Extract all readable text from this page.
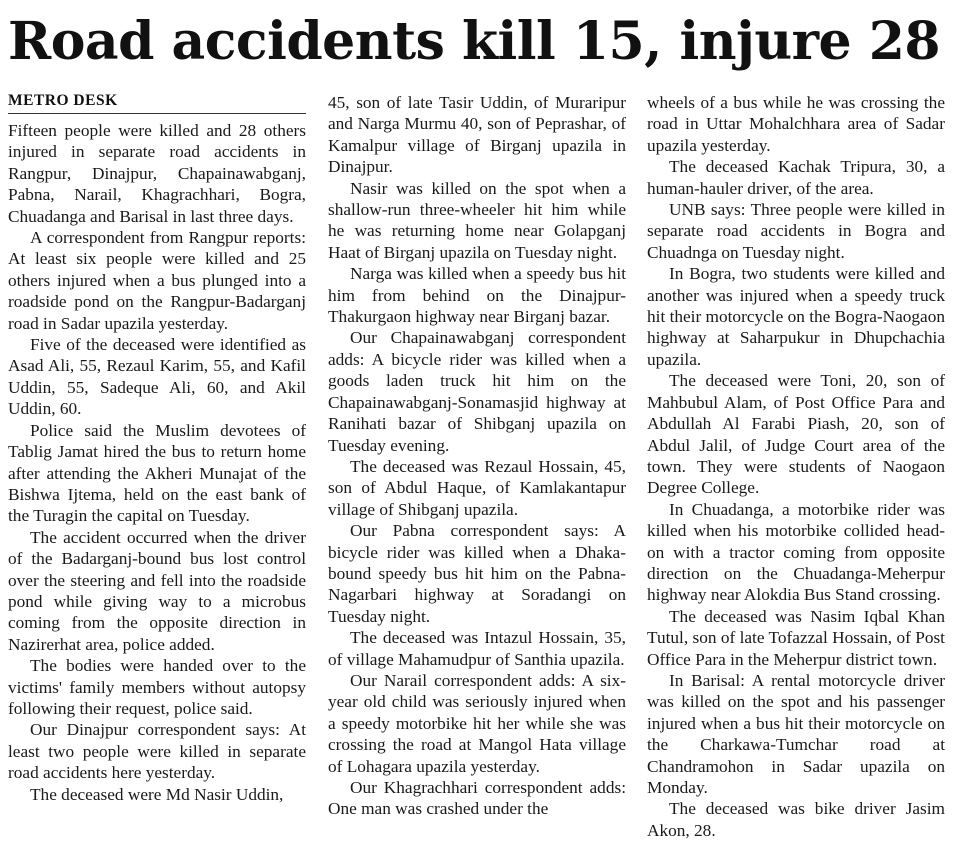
Road accidents kill 15, injure 28
METRO DESK

Fifteen people were killed and 28 others injured in separate road accidents in Rangpur, Dinajpur, Chapainawabganj, Pabna, Narail, Khagrachhari, Bogra, Chuadanga and Barisal in last three days.

A correspondent from Rangpur reports: At least six people were killed and 25 others injured when a bus plunged into a roadside pond on the Rangpur-Badarganj road in Sadar upazila yesterday.

Five of the deceased were identified as Asad Ali, 55, Rezaul Karim, 55, and Kafil Uddin, 55, Sadeque Ali, 60, and Akil Uddin, 60.

Police said the Muslim devotees of Tablig Jamat hired the bus to return home after attending the Akheri Munajat of the Bishwa Ijtema, held on the east bank of the Turagin the capital on Tuesday.

The accident occurred when the driver of the Badarganj-bound bus lost control over the steering and fell into the roadside pond while giving way to a microbus coming from the opposite direction in Nazirerhat area, police added.

The bodies were handed over to the victims' family members without autopsy following their request, police said.

Our Dinajpur correspondent says: At least two people were killed in separate road accidents here yesterday.

The deceased were Md Nasir Uddin,

45, son of late Tasir Uddin, of Muraripur and Narga Murmu 40, son of Peprashar, of Kamalpur village of Birganj upazila in Dinajpur.

Nasir was killed on the spot when a shallow-run three-wheeler hit him while he was returning home near Golapganj Haat of Birganj upazila on Tuesday night.

Narga was killed when a speedy bus hit him from behind on the Dinajpur-Thakurgaon highway near Birganj bazar.

Our Chapainawabganj correspondent adds: A bicycle rider was killed when a goods laden truck hit him on the Chapainawabganj-Sonamasjid highway at Ranihati bazar of Shibganj upazila on Tuesday evening.

The deceased was Rezaul Hossain, 45, son of Abdul Haque, of Kamlakantapur village of Shibganj upazila.

Our Pabna correspondent says: A bicycle rider was killed when a Dhaka-bound speedy bus hit him on the Pabna-Nagarbari highway at Soradangi on Tuesday night.

The deceased was Intazul Hossain, 35, of village Mahamudpur of Santhia upazila.

Our Narail correspondent adds: A six-year old child was seriously injured when a speedy motorbike hit her while she was crossing the road at Mangol Hata village of Lohagara upazila yesterday.

Our Khagrachhari correspondent adds: One man was crashed under the

wheels of a bus while he was crossing the road in Uttar Mohalchhara area of Sadar upazila yesterday.

The deceased Kachak Tripura, 30, a human-hauler driver, of the area.

UNB says: Three people were killed in separate road accidents in Bogra and Chuadnga on Tuesday night.

In Bogra, two students were killed and another was injured when a speedy truck hit their motorcycle on the Bogra-Naogaon highway at Saharpukur in Dhupchachia upazila.

The deceased were Toni, 20, son of Mahbubul Alam, of Post Office Para and Abdullah Al Farabi Piash, 20, son of Abdul Jalil, of Judge Court area of the town. They were students of Naogaon Degree College.

In Chuadanga, a motorbike rider was killed when his motorbike collided head-on with a tractor coming from opposite direction on the Chuadanga-Meherpur highway near Alokdia Bus Stand crossing.

The deceased was Nasim Iqbal Khan Tutul, son of late Tofazzal Hossain, of Post Office Para in the Meherpur district town.

In Barisal: A rental motorcycle driver was killed on the spot and his passenger injured when a bus hit their motorcycle on the Charkawa-Tumchar road at Chandramohon in Sadar upazila on Monday.

The deceased was bike driver Jasim Akon, 28.
